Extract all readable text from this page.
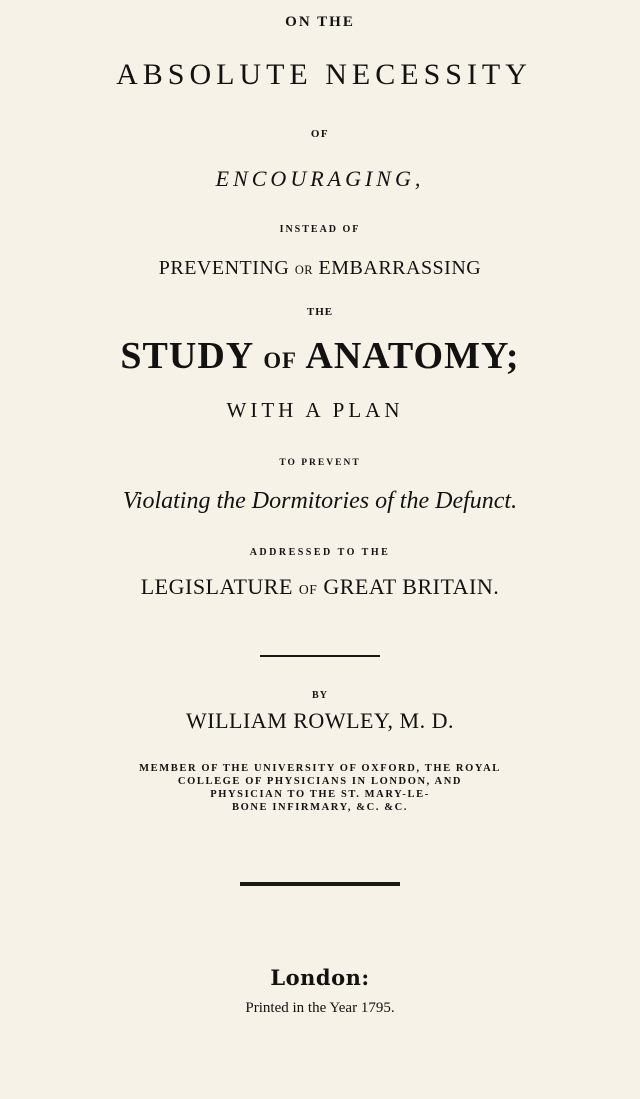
ON THE
ABSOLUTE NECESSITY
OF
ENCOURAGING,
INSTEAD OF
PREVENTING OR EMBARRASSING
THE
STUDY OF ANATOMY;
WITH A PLAN
TO PREVENT
Violating the Dormitories of the Defunct.
ADDRESSED TO THE
LEGISLATURE OF GREAT BRITAIN.
BY
WILLIAM ROWLEY, M. D.
MEMBER OF THE UNIVERSITY OF OXFORD, THE ROYAL
COLLEGE OF PHYSICIANS IN LONDON, AND
PHYSICIAN TO THE ST. MARY-LE-
BONE INFIRMARY, &C. &C.
London:
Printed in the Year 1795.
